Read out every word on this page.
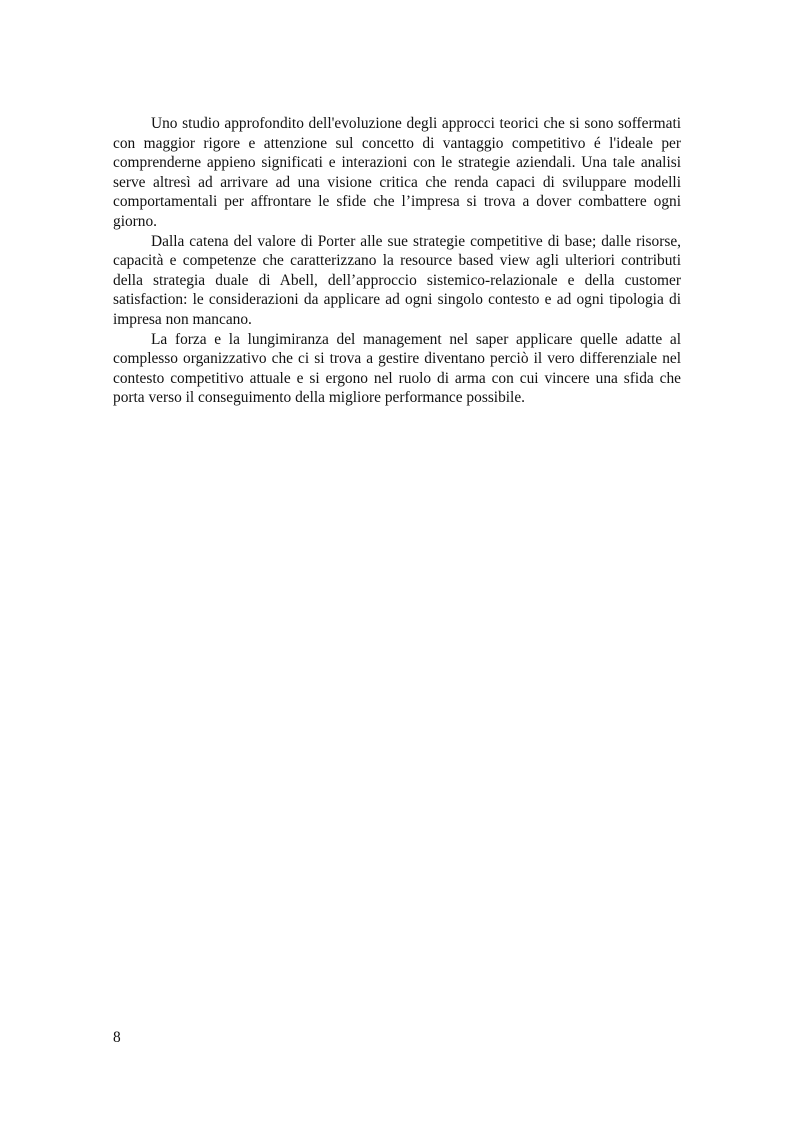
Uno studio approfondito dell'evoluzione degli approcci teorici che si sono soffermati con maggior rigore e attenzione sul concetto di vantaggio competitivo é l'ideale per comprenderne appieno significati e interazioni con le strategie aziendali. Una tale analisi serve altresì ad arrivare ad una visione critica che renda capaci di sviluppare modelli comportamentali per affrontare le sfide che l’impresa si trova a dover combattere ogni giorno.

Dalla catena del valore di Porter alle sue strategie competitive di base; dalle risorse, capacità e competenze che caratterizzano la resource based view agli ulteriori contributi della strategia duale di Abell, dell’approccio sistemico-relazionale e della customer satisfaction: le considerazioni da applicare ad ogni singolo contesto e ad ogni tipologia di impresa non mancano.

La forza e la lungimiranza del management nel saper applicare quelle adatte al complesso organizzativo che ci si trova a gestire diventano perciò il vero differenziale nel contesto competitivo attuale e si ergono nel ruolo di arma con cui vincere una sfida che porta verso il conseguimento della migliore performance possibile.

8
